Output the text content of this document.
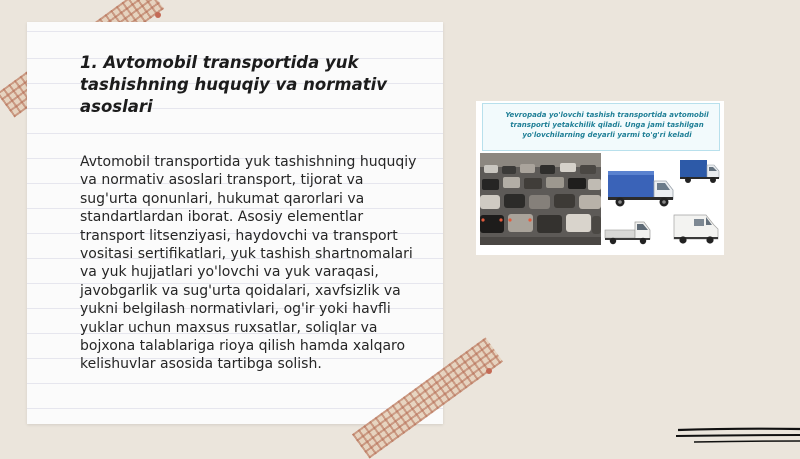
1. Avtomobil transportida yuk tashishning huquqiy va normativ asoslari

Avtomobil transportida yuk tashishning huquqiy va normativ asoslari transport, tijorat va sug'urta qonunlari, hukumat qarorlari va standartlardan iborat. Asosiy elementlar transport litsenziyasi, haydovchi va transport vositasi sertifikatlari, yuk tashish shartnomalari va yuk hujjatlari yo'lovchi va yuk varaqasi, javobgarlik va sug'urta qoidalari, xavfsizlik va yukni belgilash normativlari, og'ir yoki havfli yuklar uchun maxsus ruxsatlar, soliqlar va bojxona talablariga rioya qilish hamda xalqaro kelishuvlar asosida tartibga solish.

Yevropada yo'lovchi tashish transportida avtomobil transporti yetakchilik qiladi. Unga jami tashilgan yo'lovchilarning deyarli yarmi to'g'ri keladi
